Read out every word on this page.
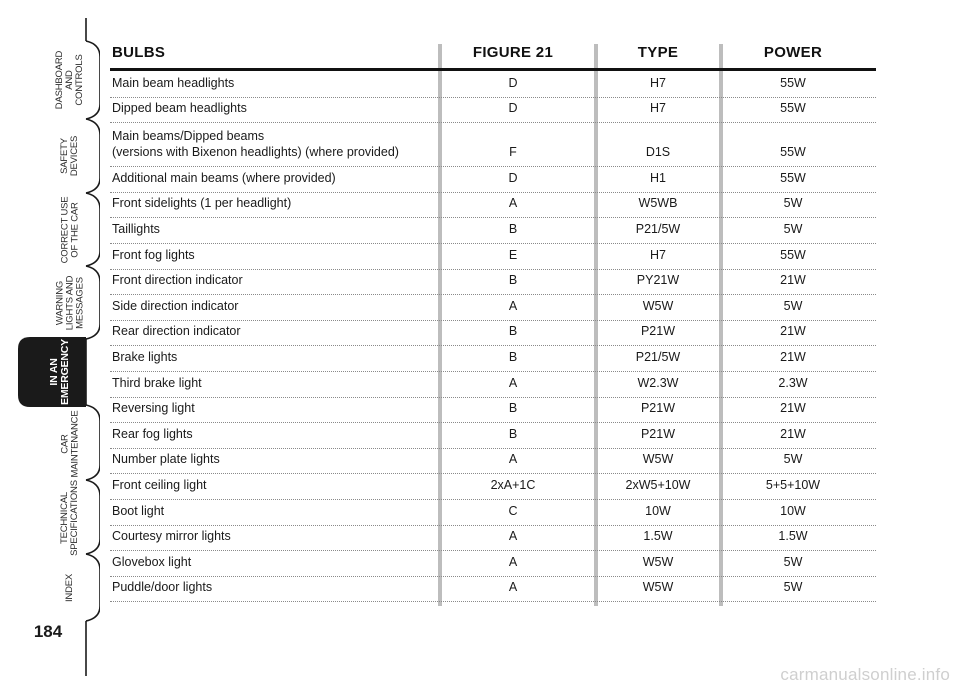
DASHBOARD
AND
CONTROLS
SAFETY
DEVICES
CORRECT USE
OF THE CAR
WARNING
LIGHTS AND
MESSAGES
IN AN
EMERGENCY
CAR
MAINTENANCE
TECHNICAL
SPECIFICATIONS
INDEX
184
BULBS	FIGURE 21	TYPE	POWER
Main beam headlights	D	H7	55W
Dipped beam headlights	D	H7	55W
Main beams/Dipped beams
(versions with Bixenon headlights) (where provided)	F	D1S	55W
Additional main beams (where provided)	D	H1	55W
Front sidelights (1 per headlight)	A	W5WB	5W
Taillights	B	P21/5W	5W
Front fog lights	E	H7	55W
Front direction indicator	B	PY21W	21W
Side direction indicator	A	W5W	5W
Rear direction indicator	B	P21W	21W
Brake lights	B	P21/5W	21W
Third brake light	A	W2.3W	2.3W
Reversing light	B	P21W	21W
Rear fog lights	B	P21W	21W
Number plate lights	A	W5W	5W
Front ceiling light	2xA+1C	2xW5+10W	5+5+10W
Boot light	C	10W	10W
Courtesy mirror lights	A	1.5W	1.5W
Glovebox light	A	W5W	5W
Puddle/door lights	A	W5W	5W
carmanualsonline.info
